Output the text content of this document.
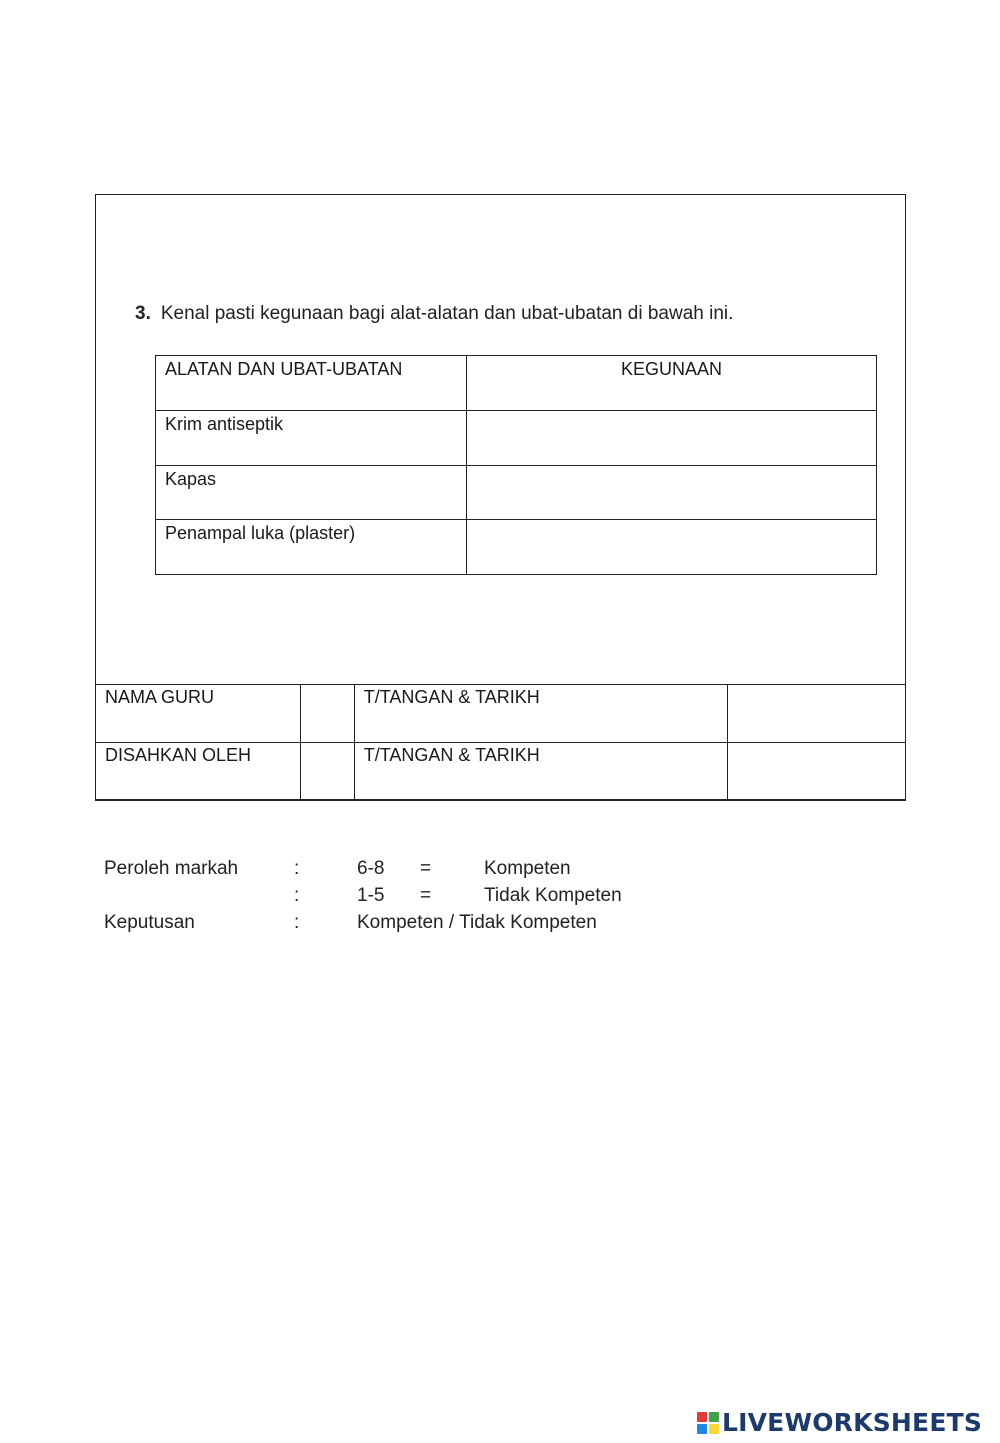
3. Kenal pasti kegunaan bagi alat-alatan dan ubat-ubatan di bawah ini.
ALATAN DAN UBAT-UBATAN	KEGUNAAN
Krim antiseptik	
Kapas	
Penampal luka (plaster)	
NAMA GURU		T/TANGAN & TARIKH	
DISAHKAN OLEH		T/TANGAN & TARIKH	
Peroleh markah	:	6-8 =	Kompeten
:	1-5 =	Tidak Kompeten
Keputusan	:	Kompeten / Tidak Kompeten
LIVEWORKSHEETS
